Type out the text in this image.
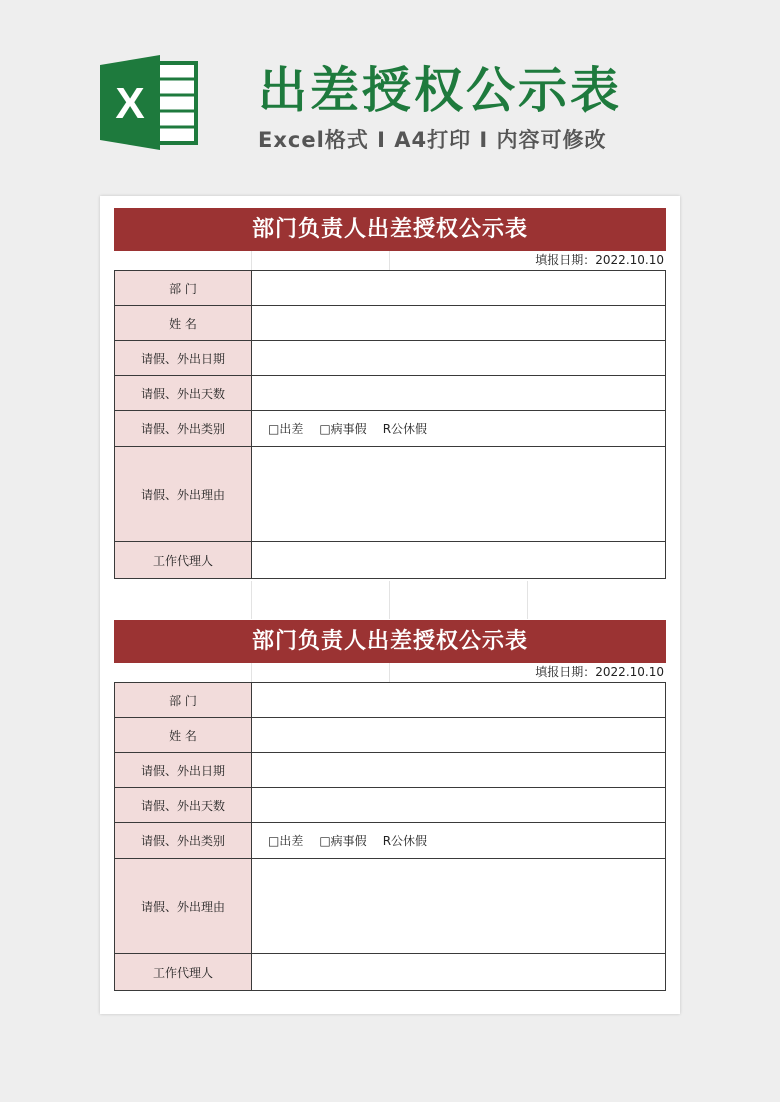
X 出差授权公示表
Excel格式 I A4打印 I 内容可修改
部门负责人出差授权公示表
填报日期：2022.10.10
部 门	
姓 名	
请假、外出日期	
请假、外出天数	
请假、外出类别	□出差 □病事假 R公休假

请假、外出理由	
工作代理人	
部门负责人出差授权公示表
填报日期：2022.10.10
部 门	
姓 名	
请假、外出日期	
请假、外出天数	
请假、外出类别	□出差 □病事假 R公休假

请假、外出理由	
工作代理人	
